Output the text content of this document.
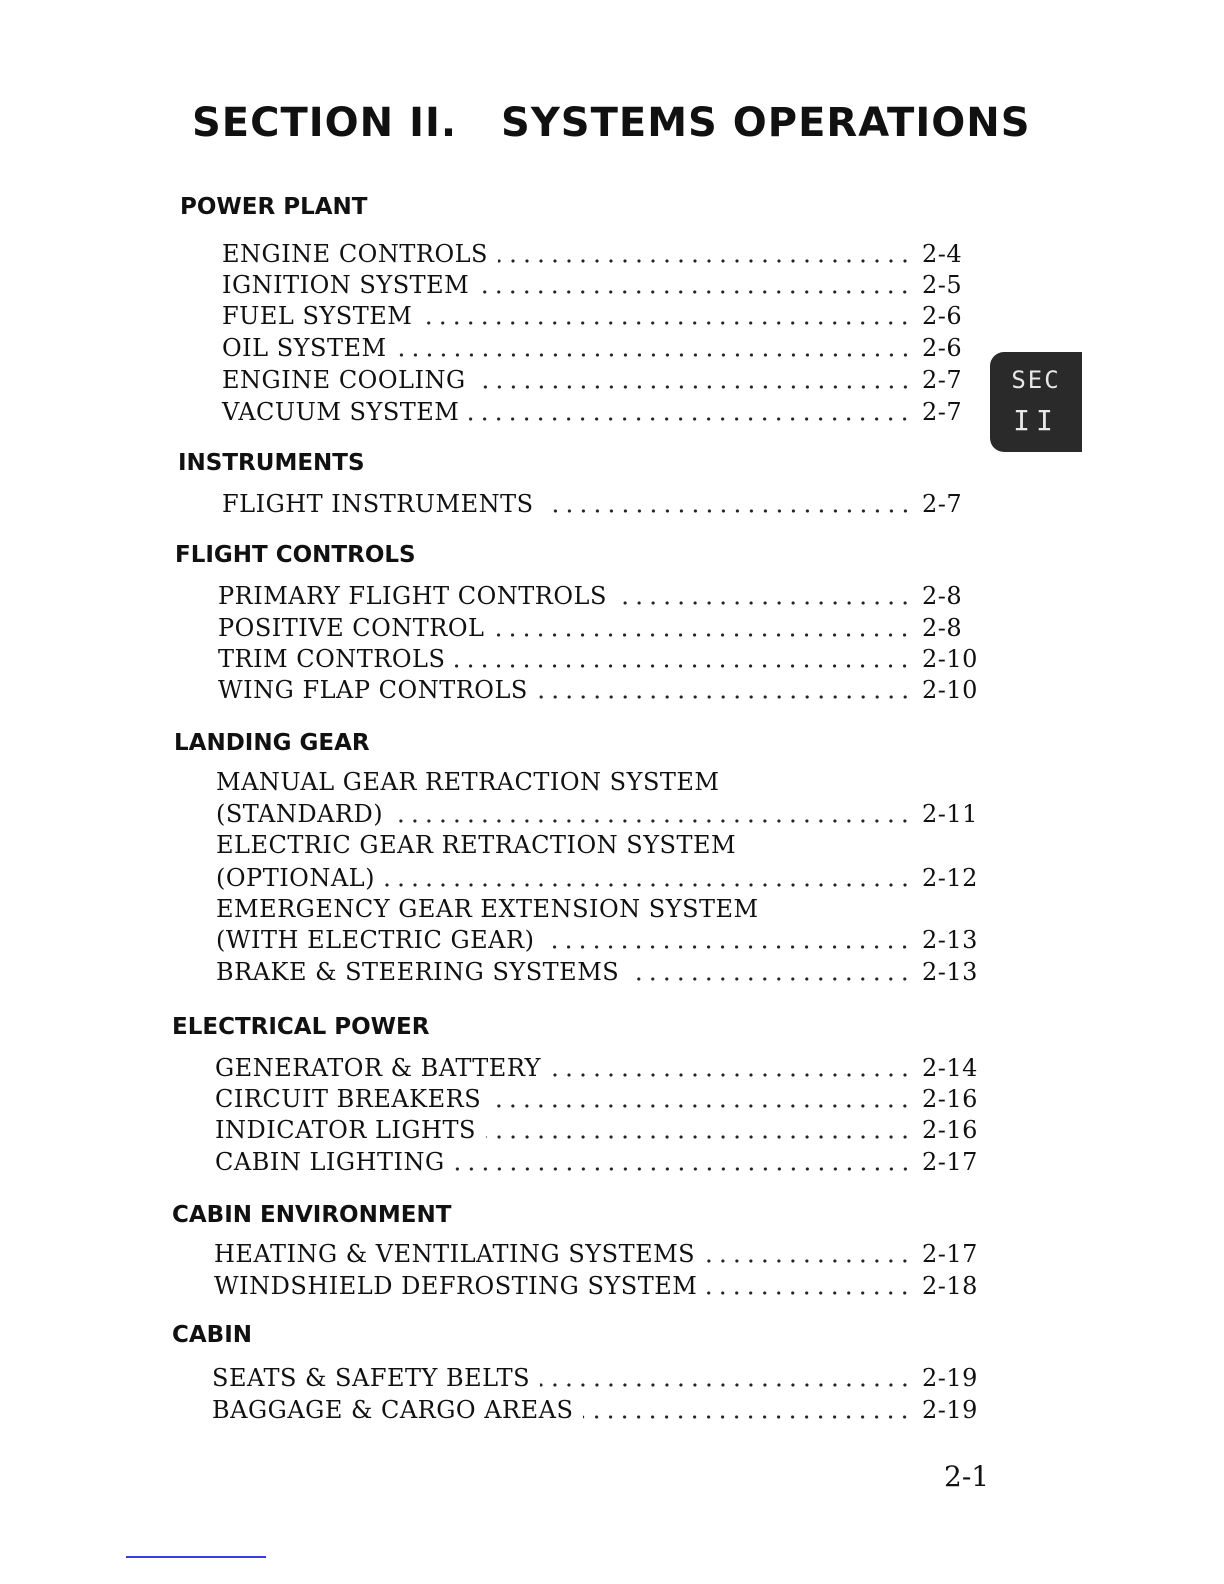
SECTION II. SYSTEMS OPERATIONS
POWER PLANT
ENGINE CONTROLS	2-4
IGNITION SYSTEM	2-5
FUEL SYSTEM	2-6
OIL SYSTEM	2-6
ENGINE COOLING	2-7
VACUUM SYSTEM	2-7
INSTRUMENTS
FLIGHT INSTRUMENTS	2-7
FLIGHT CONTROLS
PRIMARY FLIGHT CONTROLS	2-8
POSITIVE CONTROL	2-8
TRIM CONTROLS	2-10
WING FLAP CONTROLS	2-10
LANDING GEAR
MANUAL GEAR RETRACTION SYSTEM
(STANDARD)	2-11
ELECTRIC GEAR RETRACTION SYSTEM
(OPTIONAL)	2-12
EMERGENCY GEAR EXTENSION SYSTEM
(WITH ELECTRIC GEAR)	2-13
BRAKE & STEERING SYSTEMS	2-13
ELECTRICAL POWER
GENERATOR & BATTERY	2-14
CIRCUIT BREAKERS	2-16
INDICATOR LIGHTS	2-16
CABIN LIGHTING	2-17
CABIN ENVIRONMENT
HEATING & VENTILATING SYSTEMS	2-17
WINDSHIELD DEFROSTING SYSTEM	2-18
CABIN
SEATS & SAFETY BELTS	2-19
BAGGAGE & CARGO AREAS	2-19
SEC
II
2-1
